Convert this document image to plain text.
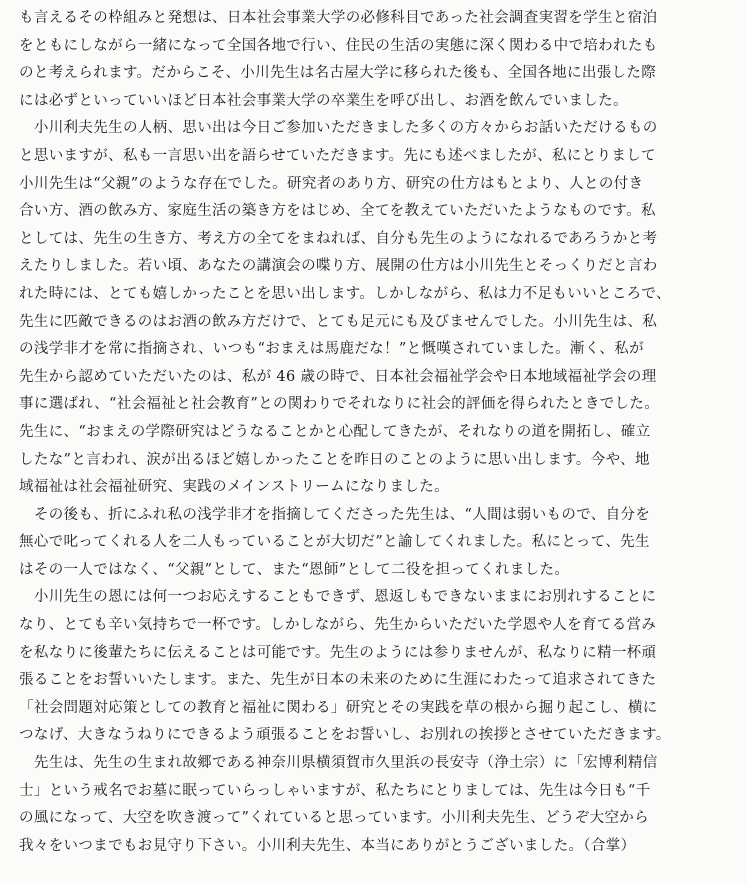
も言えるその枠組みと発想は、日本社会事業大学の必修科目であった社会調査実習を学生と宿泊
をともにしながら一緒になって全国各地で行い、住民の生活の実態に深く関わる中で培われたも
のと考えられます。だからこそ、小川先生は名古屋大学に移られた後も、全国各地に出張した際
には必ずといっていいほど日本社会事業大学の卒業生を呼び出し、お酒を飲んでいました。
　小川利夫先生の人柄、思い出は今日ご参加いただきました多くの方々からお話いただけるもの
と思いますが、私も一言思い出を語らせていただきます。先にも述べましたが、私にとりまして
小川先生は“父親”のような存在でした。研究者のあり方、研究の仕方はもとより、人との付き
合い方、酒の飲み方、家庭生活の築き方をはじめ、全てを教えていただいたようなものです。私
としては、先生の生き方、考え方の全てをまねれば、自分も先生のようになれるであろうかと考
えたりしました。若い頃、あなたの講演会の喋り方、展開の仕方は小川先生とそっくりだと言わ
れた時には、とても嬉しかったことを思い出します。しかしながら、私は力不足もいいところで、
先生に匹敵できるのはお酒の飲み方だけで、とても足元にも及びませんでした。小川先生は、私
の浅学非才を常に指摘され、いつも“おまえは馬鹿だな！”と慨嘆されていました。漸く、私が
先生から認めていただいたのは、私が 46 歳の時で、日本社会福祉学会や日本地域福祉学会の理
事に選ばれ、“社会福祉と社会教育”との関わりでそれなりに社会的評価を得られたときでした。
先生に、“おまえの学際研究はどうなることかと心配してきたが、それなりの道を開拓し、確立
したな”と言われ、涙が出るほど嬉しかったことを昨日のことのように思い出します。今や、地
域福祉は社会福祉研究、実践のメインストリームになりました。
　その後も、折にふれ私の浅学非才を指摘してくださった先生は、“人間は弱いもので、自分を
無心で叱ってくれる人を二人もっていることが大切だ”と諭してくれました。私にとって、先生
はその一人ではなく、“父親”として、また“恩師”として二役を担ってくれました。
　小川先生の恩には何一つお応えすることもできず、恩返しもできないままにお別れすることに
なり、とても辛い気持ちで一杯です。しかしながら、先生からいただいた学恩や人を育てる営み
を私なりに後輩たちに伝えることは可能です。先生のようには参りませんが、私なりに精一杯頑
張ることをお誓いいたします。また、先生が日本の未来のために生涯にわたって追求されてきた
「社会問題対応策としての教育と福祉に関わる」研究とその実践を草の根から掘り起こし、横に
つなげ、大きなうねりにできるよう頑張ることをお誓いし、お別れの挨拶とさせていただきます。
　先生は、先生の生まれ故郷である神奈川県横須賀市久里浜の長安寺（浄土宗）に「宏博利精信
士」という戒名でお墓に眠っていらっしゃいますが、私たちにとりましては、先生は今日も“千
の風になって、大空を吹き渡って”くれていると思っています。小川利夫先生、どうぞ大空から
我々をいつまでもお見守り下さい。小川利夫先生、本当にありがとうございました。（合掌）
